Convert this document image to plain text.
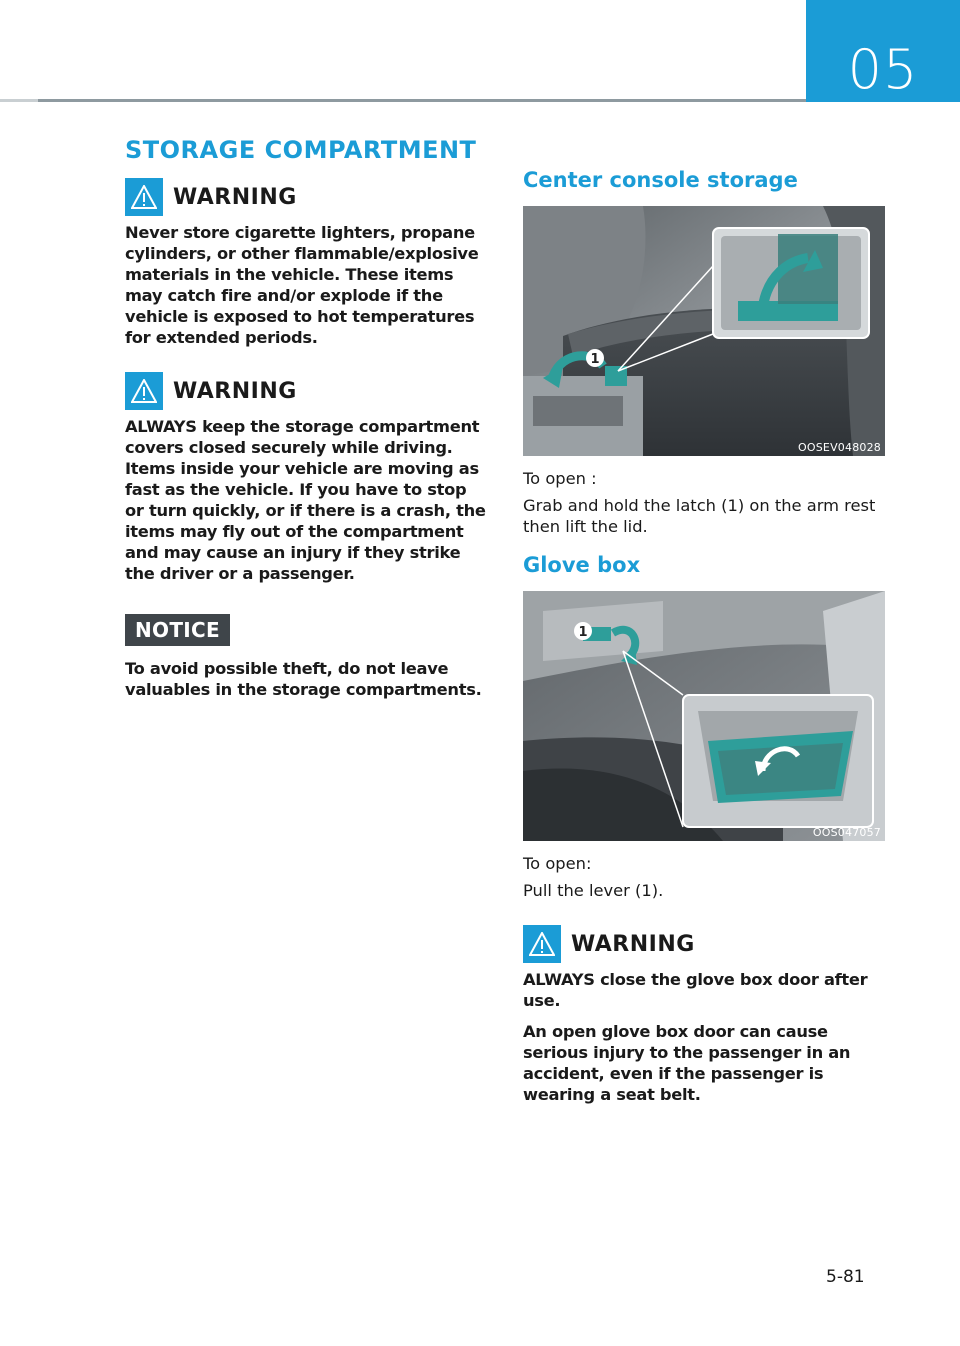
05
STORAGE COMPARTMENT
WARNING
Never store cigarette lighters, propane cylinders, or other flammable/explosive materials in the vehicle. These items may catch fire and/or explode if the vehicle is exposed to hot temperatures for extended periods.
WARNING
ALWAYS keep the storage compartment covers closed securely while driving. Items inside your vehicle are moving as fast as the vehicle. If you have to stop or turn quickly, or if there is a crash, the items may fly out of the compartment and may cause an injury if they strike the driver or a passenger.
NOTICE
To avoid possible theft, do not leave valuables in the storage compartments.
Center console storage
1
OOSEV048028
To open :
Grab and hold the latch (1) on the arm rest then lift the lid.
Glove box
1
OOS047057
To open:
Pull the lever (1).
WARNING
ALWAYS close the glove box door after use.
An open glove box door can cause serious injury to the passenger in an accident, even if the passenger is wearing a seat belt.
5-81
